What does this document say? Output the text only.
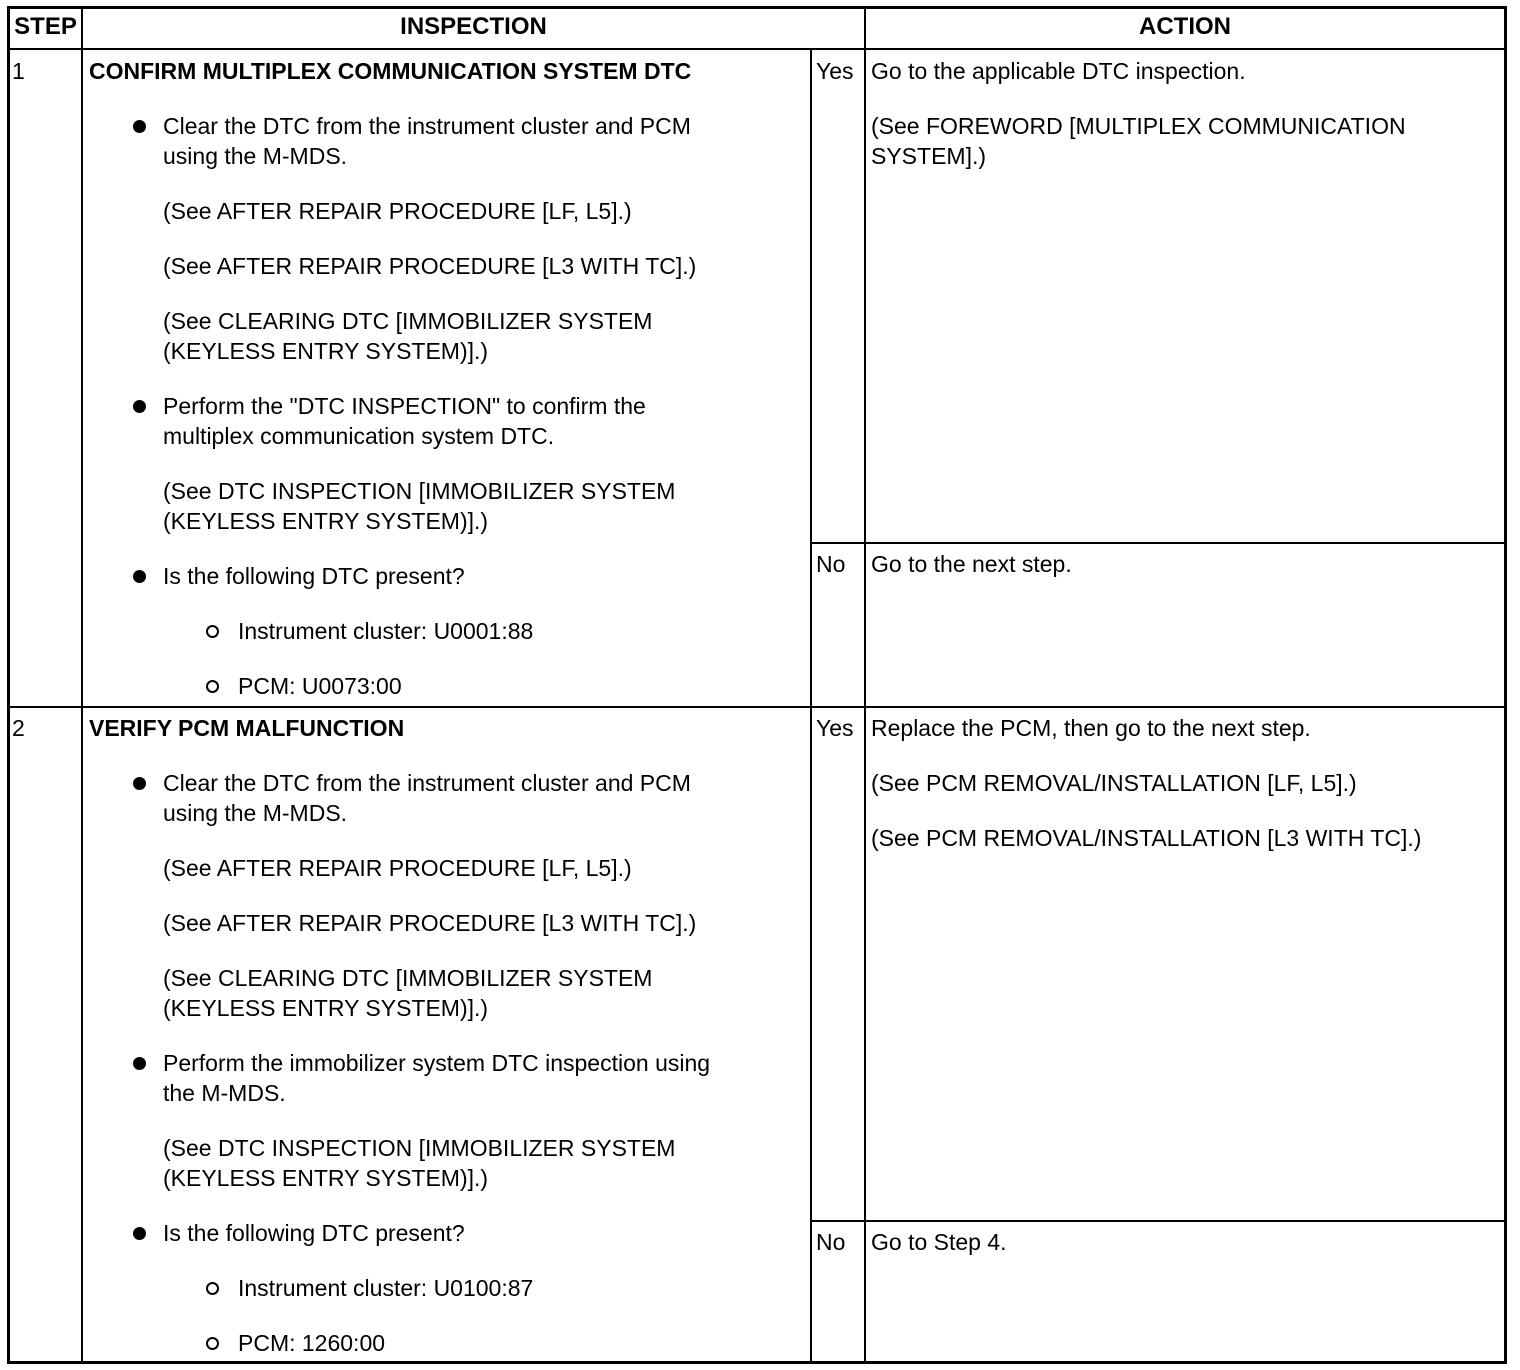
STEP	INSPECTION	ACTION
1	CONFIRM MULTIPLEX COMMUNICATION SYSTEM DTC
Clear the DTC from the instrument cluster and PCM
using the M-MDS.
(See AFTER REPAIR PROCEDURE [LF, L5].)
(See AFTER REPAIR PROCEDURE [L3 WITH TC].)
(See CLEARING DTC [IMMOBILIZER SYSTEM
(KEYLESS ENTRY SYSTEM)].)
Perform the "DTC INSPECTION" to confirm the
multiplex communication system DTC.
(See DTC INSPECTION [IMMOBILIZER SYSTEM
(KEYLESS ENTRY SYSTEM)].)
Is the following DTC present?
Instrument cluster: U0001:88
PCM: U0073:00
Yes Go to the applicable DTC inspection.
(See FOREWORD [MULTIPLEX COMMUNICATION
SYSTEM].)
No Go to the next step.
2	VERIFY PCM MALFUNCTION
Clear the DTC from the instrument cluster and PCM
using the M-MDS.
(See AFTER REPAIR PROCEDURE [LF, L5].)
(See AFTER REPAIR PROCEDURE [L3 WITH TC].)
(See CLEARING DTC [IMMOBILIZER SYSTEM
(KEYLESS ENTRY SYSTEM)].)
Perform the immobilizer system DTC inspection using
the M-MDS.
(See DTC INSPECTION [IMMOBILIZER SYSTEM
(KEYLESS ENTRY SYSTEM)].)
Is the following DTC present?
Instrument cluster: U0100:87
PCM: 1260:00
Yes Replace the PCM, then go to the next step.
(See PCM REMOVAL/INSTALLATION [LF, L5].)
(See PCM REMOVAL/INSTALLATION [L3 WITH TC].)
No Go to Step 4.
